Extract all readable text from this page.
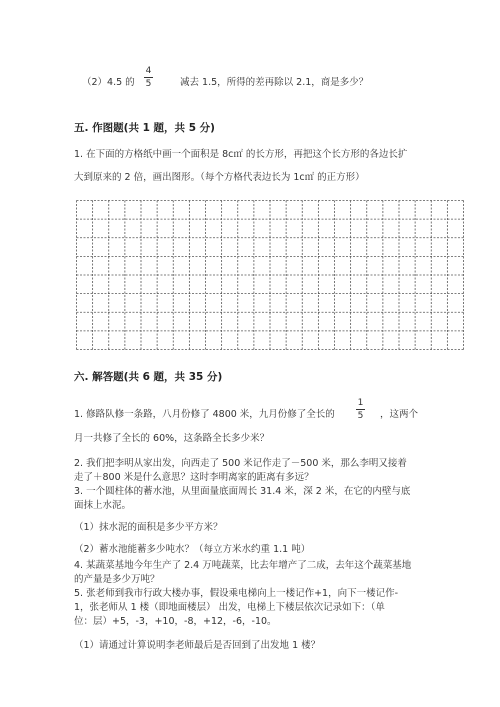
（2）4.5 的
4
5	减去 1.5，所得的差再除以 2.1，商是多少？
五. 作图题(共 1 题，共 5 分)
1. 在下面的方格纸中画一个面积是 8c㎡ 的长方形，再把这个长方形的各边长扩
大到原来的 2 倍，画出图形。（每个方格代表边长为 1c㎡ 的正方形）
六. 解答题(共 6 题，共 35 分)
1. 修路队修一条路，八月份修了 4800 米，九月份修了全长的
1
5 ，这两个
月一共修了全长的 60%，这条路全长多少米？
2. 我们把李明从家出发，向西走了 500 米记作走了－500 米，那么李明又接着
走了＋800 米是什么意思？这时李明离家的距离有多远？
3. 一个圆柱体的蓄水池，从里面量底面周长 31.4 米，深 2 米，在它的内壁与底
面抹上水泥。
（1）抹水泥的面积是多少平方米？
（2）蓄水池能蓄多少吨水？（每立方米水约重 1.1 吨）
4. 某蔬菜基地今年生产了 2.4 万吨蔬菜，比去年增产了二成，去年这个蔬菜基地
的产量是多少万吨？
5. 张老师到我市行政大楼办事，假设乘电梯向上一楼记作+1，向下一楼记作-
1，张老师从 1 楼（即地面楼层） 出发，电梯上下楼层依次记录如下：（单
位：层）+5，-3，+10，-8，+12，-6，-10。
（1）请通过计算说明李老师最后是否回到了出发地 1 楼？
